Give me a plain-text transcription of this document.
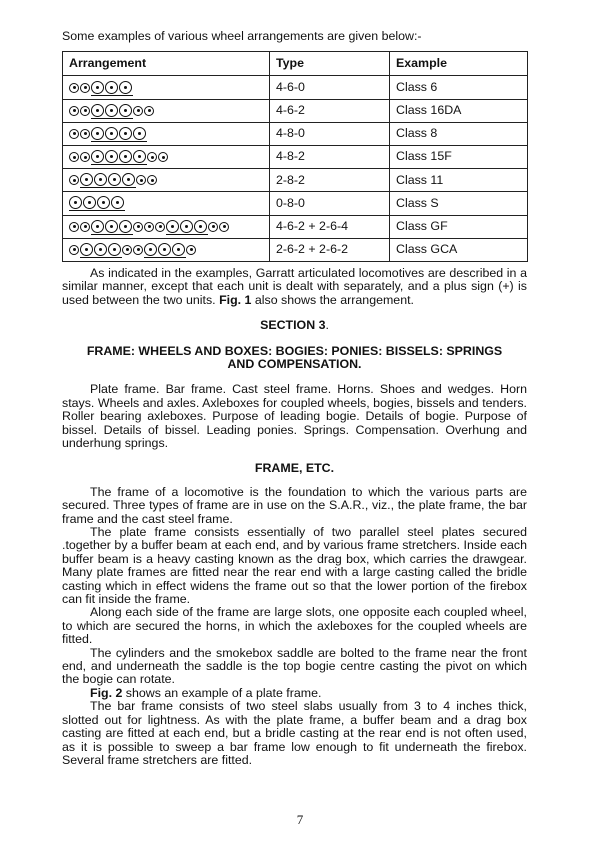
Some examples of various wheel arrangements are given below:-

Arrangement	Type	Example

	4-6-0	Class 6

	4-6-2	Class 16DA

	4-8-0	Class 8

	4-8-2	Class 15F

	2-8-2	Class 11

	0-8-0	Class S

	4-6-2 + 2-6-4	Class GF

	2-6-2 + 2-6-2	Class GCA

As indicated in the examples, Garratt articulated locomotives are described in a similar manner, except that each unit is dealt with separately, and a plus sign (+) is used between the two units. Fig. 1 also shows the arrangement.

SECTION 3.
FRAME: WHEELS AND BOXES: BOGIES: PONIES: BISSELS: SPRINGS AND COMPENSATION.

Plate frame. Bar frame. Cast steel frame. Horns. Shoes and wedges. Horn stays. Wheels and axles. Axleboxes for coupled wheels, bogies, bissels and tenders. Roller bearing axleboxes. Purpose of leading bogie. Details of bogie. Purpose of bissel. Details of bissel. Leading ponies. Springs. Compensation. Overhung and underhung springs.

FRAME, ETC.

The frame of a locomotive is the foundation to which the various parts are secured. Three types of frame are in use on the S.A.R., viz., the plate frame, the bar frame and the cast steel frame.

The plate frame consists essentially of two parallel steel plates secured .together by a buffer beam at each end, and by various frame stretchers. Inside each buffer beam is a heavy casting known as the drag box, which carries the drawgear. Many plate frames are fitted near the rear end with a large casting called the bridle casting which in effect widens the frame out so that the lower portion of the firebox can fit inside the frame.

Along each side of the frame are large slots, one opposite each coupled wheel, to which are secured the horns, in which the axleboxes for the coupled wheels are fitted.

The cylinders and the smokebox saddle are bolted to the frame near the front end, and underneath the saddle is the top bogie centre casting the pivot on which the bogie can rotate.

Fig. 2 shows an example of a plate frame.

The bar frame consists of two steel slabs usually from 3 to 4 inches thick, slotted out for lightness. As with the plate frame, a buffer beam and a drag box casting are fitted at each end, but a bridle casting at the rear end is not often used, as it is possible to sweep a bar frame low enough to fit underneath the firebox. Several frame stretchers are fitted.

7
